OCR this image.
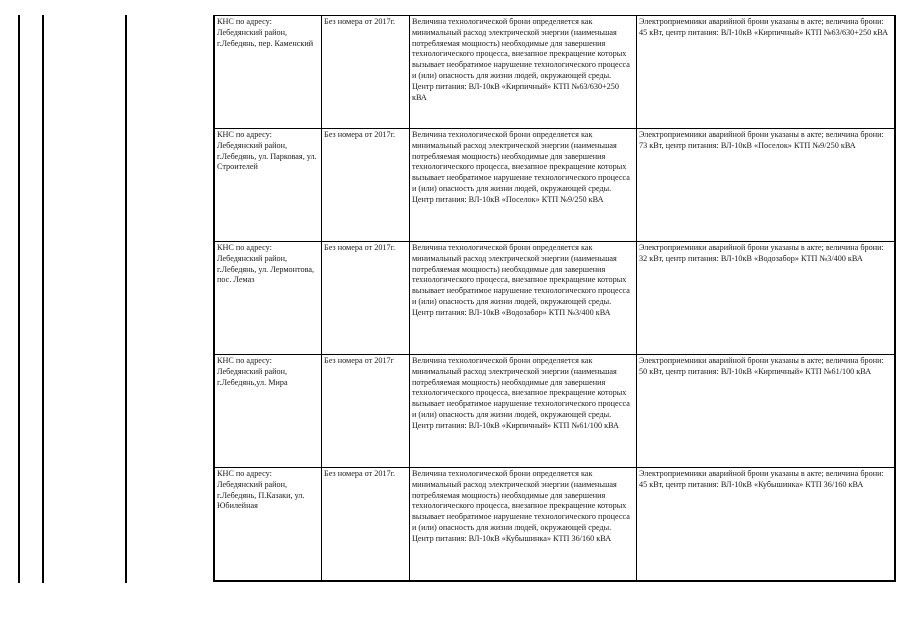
КНС по адресу: Лебедянский район, г.Лебедянь, пер. Каменский	Без номера от 2017г.	Величина технологической брони определяется как минимальный расход электрической энергии (наименьшая потребляемая мощность) необходимые для завершения технологического процесса, внезапное прекращение которых вызывает необратимое нарушение технологического процесса и (или) опасность для жизни людей, окружающей среды. Центр питания: ВЛ-10кВ «Кирпичный» КТП №63/630+250 кВА	Электроприемники аварийной брони указаны в акте; величина брони: 45 кВт, центр питания: ВЛ-10кВ «Кирпичный» КТП №63/630+250 кВА
КНС по адресу: Лебедянский район, г.Лебедянь, ул. Парковая, ул. Строителей	Без номера от 2017г.	Величина технологической брони определяется как минимальный расход электрической энергии (наименьшая потребляемая мощность) необходимые для завершения технологического процесса, внезапное прекращение которых вызывает необратимое нарушение технологического процесса и (или) опасность для жизни людей, окружающей среды. Центр питания: ВЛ-10кВ «Поселок» КТП №9/250 кВА	Электроприемники аварийной брони указаны в акте; величина брони: 73 кВт, центр питания: ВЛ-10кВ «Поселок» КТП №9/250 кВА
КНС по адресу: Лебедянский район, г.Лебедянь, ул. Лермонтова, пос. Лемаз	Без номера от 2017г.	Величина технологической брони определяется как минимальный расход электрической энергии (наименьшая потребляемая мощность) необходимые для завершения технологического процесса, внезапное прекращение которых вызывает необратимое нарушение технологического процесса и (или) опасность для жизни людей, окружающей среды. Центр питания: ВЛ-10кВ «Водозабор» КТП №3/400 кВА	Электроприемники аварийной брони указаны в акте; величина брони: 32 кВт, центр питания: ВЛ-10кВ «Водозабор» КТП №3/400 кВА
КНС по адресу: Лебедянский район, г.Лебедянь,ул. Мира	Без номера от 2017г	Величина технологической брони определяется как минимальный расход электрической энергии (наименьшая потребляемая мощность) необходимые для завершения технологического процесса, внезапное прекращение которых вызывает необратимое нарушение технологического процесса и (или) опасность для жизни людей, окружающей среды. Центр питания: ВЛ-10кВ «Кирпичный» КТП №61/100 кВА	Электроприемники аварийной брони указаны в акте; величина брони: 50 кВт, центр питания: ВЛ-10кВ «Кирпичный» КТП №61/100 кВА
КНС по адресу: Лебедянский район, г.Лебедянь, П.Казаки, ул. Юбилейная	Без номера от 2017г.	Величина технологической брони определяется как минимальный расход электрической энергии (наименьшая потребляемая мощность) необходимые для завершения технологического процесса, внезапное прекращение которых вызывает необратимое нарушение технологического процесса и (или) опасность для жизни людей, окружающей среды. Центр питания: ВЛ-10кВ «Кубышинка» КТП 36/160 кВА	Электроприемники аварийной брони указаны в акте; величина брони: 45 кВт, центр питания: ВЛ-10кВ «Кубышинка» КТП 36/160 кВА
